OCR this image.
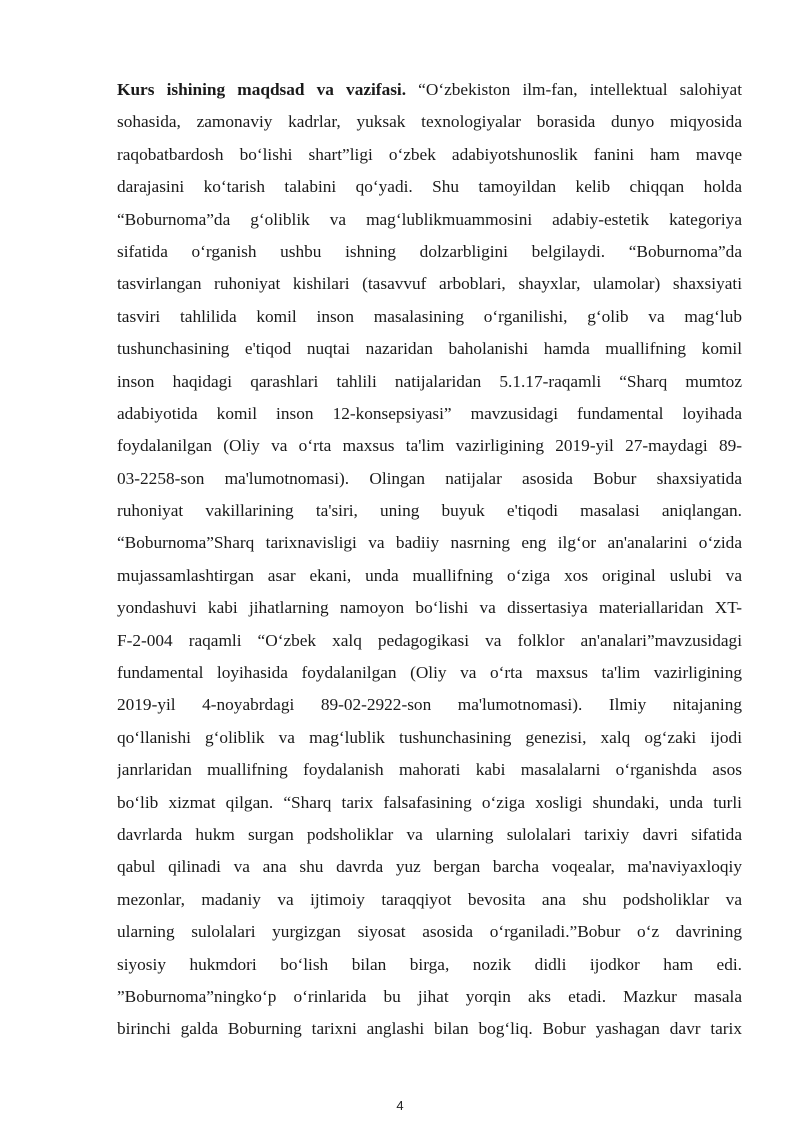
Kurs ishining maqdsad va vazifasi. “O‘zbekiston ilm-fan, intellektual salohiyat
sohasida, zamonaviy kadrlar, yuksak texnologiyalar borasida dunyo miqyosida
raqobatbardosh bo‘lishi shart”ligi o‘zbek adabiyotshunoslik fanini ham mavqe
darajasini ko‘tarish talabini qo‘yadi. Shu tamoyildan kelib chiqqan holda
“Boburnoma”da g‘oliblik va mag‘lublikmuammosini adabiy-estetik kategoriya
sifatida o‘rganish ushbu ishning dolzarbligini belgilaydi. “Boburnoma”da
tasvirlangan ruhoniyat kishilari (tasavvuf arboblari, shayxlar, ulamolar) shaxsiyati
tasviri tahlilida komil inson masalasining o‘rganilishi, g‘olib va mag‘lub
tushunchasining e'tiqod nuqtai nazaridan baholanishi hamda muallifning komil
inson haqidagi qarashlari tahlili natijalaridan 5.1.17-raqamli “Sharq mumtoz
adabiyotida komil inson 12-konsepsiyasi” mavzusidagi fundamental loyihada
foydalanilgan (Oliy va o‘rta maxsus ta'lim vazirligining 2019-yil 27-maydagi 89-
03-2258-son ma'lumotnomasi). Olingan natijalar asosida Bobur shaxsiyatida
ruhoniyat vakillarining ta'siri, uning buyuk e'tiqodi masalasi aniqlangan.
“Boburnoma”Sharq tarixnavisligi va badiiy nasrning eng ilg‘or an'analarini o‘zida
mujassamlashtirgan asar ekani, unda muallifning o‘ziga xos original uslubi va
yondashuvi kabi jihatlarning namoyon bo‘lishi va dissertasiya materiallaridan XT-
F-2-004 raqamli “O‘zbek xalq pedagogikasi va folklor an'analari”mavzusidagi
fundamental loyihasida foydalanilgan (Oliy va o‘rta maxsus ta'lim vazirligining
2019-yil 4-noyabrdagi 89-02-2922-son ma'lumotnomasi). Ilmiy nitajaning
qo‘llanishi g‘oliblik va mag‘lublik tushunchasining genezisi, xalq og‘zaki ijodi
janrlaridan muallifning foydalanish mahorati kabi masalalarni o‘rganishda asos
bo‘lib xizmat qilgan. “Sharq tarix falsafasining o‘ziga xosligi shundaki, unda turli
davrlarda hukm surgan podsholiklar va ularning sulolalari tarixiy davri sifatida
qabul qilinadi va ana shu davrda yuz bergan barcha voqealar, ma'naviyaxloqiy
mezonlar, madaniy va ijtimoiy taraqqiyot bevosita ana shu podsholiklar va
ularning sulolalari yurgizgan siyosat asosida o‘rganiladi.”Bobur o‘z davrining
siyosiy hukmdori bo‘lish bilan birga, nozik didli ijodkor ham edi.
”Boburnoma”ningko‘p o‘rinlarida bu jihat yorqin aks etadi. Mazkur masala
birinchi galda Boburning tarixni anglashi bilan bog‘liq. Bobur yashagan davr tarix
4
